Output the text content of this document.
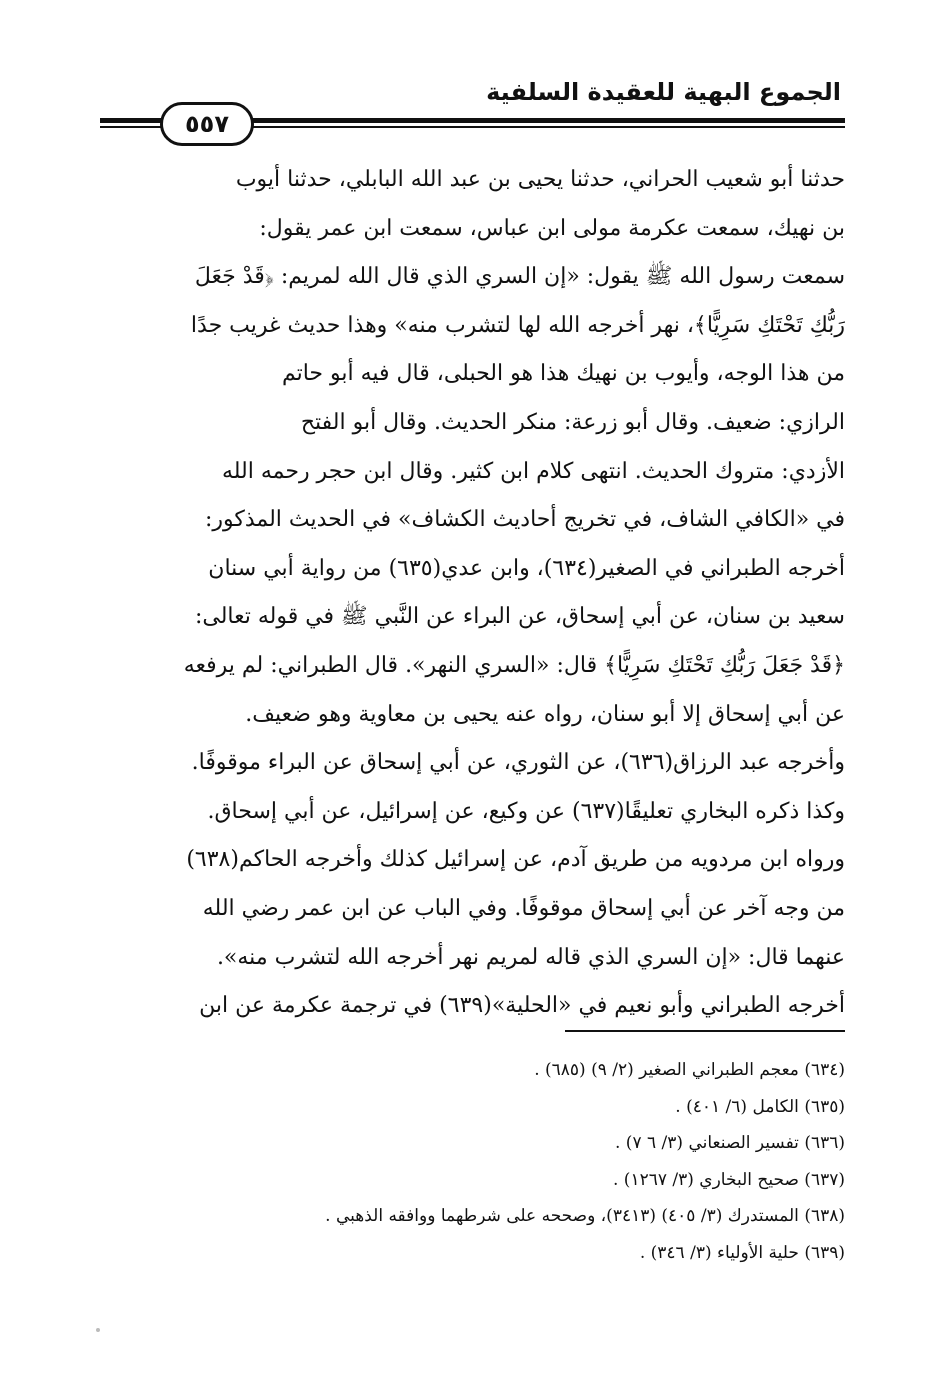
الجموع البهية للعقيدة السلفية
٥٥٧
حدثنا أبو شعيب الحراني، حدثنا يحيى بن عبد الله البابلي، حدثنا أيوب
بن نهيك، سمعت عكرمة مولى ابن عباس، سمعت ابن عمر يقول:
سمعت رسول الله ﷺ يقول: «إن السري الذي قال الله لمريم: ﴿قَدْ جَعَلَ
رَبُّكِ تَحْتَكِ سَرِيًّا﴾، نهر أخرجه الله لها لتشرب منه» وهذا حديث غريب جدًا
من هذا الوجه، وأيوب بن نهيك هذا هو الحبلى، قال فيه أبو حاتم
الرازي: ضعيف. وقال أبو زرعة: منكر الحديث. وقال أبو الفتح
الأزدي: متروك الحديث. انتهى كلام ابن كثير. وقال ابن حجر رحمه الله
في «الكافي الشاف، في تخريج أحاديث الكشاف» في الحديث المذكور:
أخرجه الطبراني في الصغير(٦٣٤)، وابن عدي(٦٣٥) من رواية أبي سنان
سعيد بن سنان، عن أبي إسحاق، عن البراء عن النَّبي ﷺ في قوله تعالى:
﴿قَدْ جَعَلَ رَبُّكِ تَحْتَكِ سَرِيًّا﴾ قال: «السري النهر». قال الطبراني: لم يرفعه
عن أبي إسحاق إلا أبو سنان، رواه عنه يحيى بن معاوية وهو ضعيف.
وأخرجه عبد الرزاق(٦٣٦)، عن الثوري، عن أبي إسحاق عن البراء موقوفًا.
وكذا ذكره البخاري تعليقًا(٦٣٧) عن وكيع، عن إسرائيل، عن أبي إسحاق.
ورواه ابن مردويه من طريق آدم، عن إسرائيل كذلك وأخرجه الحاكم(٦٣٨)
من وجه آخر عن أبي إسحاق موقوفًا. وفي الباب عن ابن عمر رضي الله
عنهما قال: «إن السري الذي قاله لمريم نهر أخرجه الله لتشرب منه».
أخرجه الطبراني وأبو نعيم في «الحلية»(٦٣٩) في ترجمة عكرمة عن ابن
(٦٣٤) معجم الطبراني الصغير (٢/ ٩) (٦٨٥) .
(٦٣٥) الكامل (٦/ ٤٠١) .
(٦٣٦) تفسير الصنعاني (٣/ ٦ ٧) .
(٦٣٧) صحيح البخاري (٣/ ١٢٦٧) .
(٦٣٨) المستدرك (٣/ ٤٠٥) (٣٤١٣)، وصححه على شرطهما ووافقه الذهبي .
(٦٣٩) حلية الأولياء (٣/ ٣٤٦) .
